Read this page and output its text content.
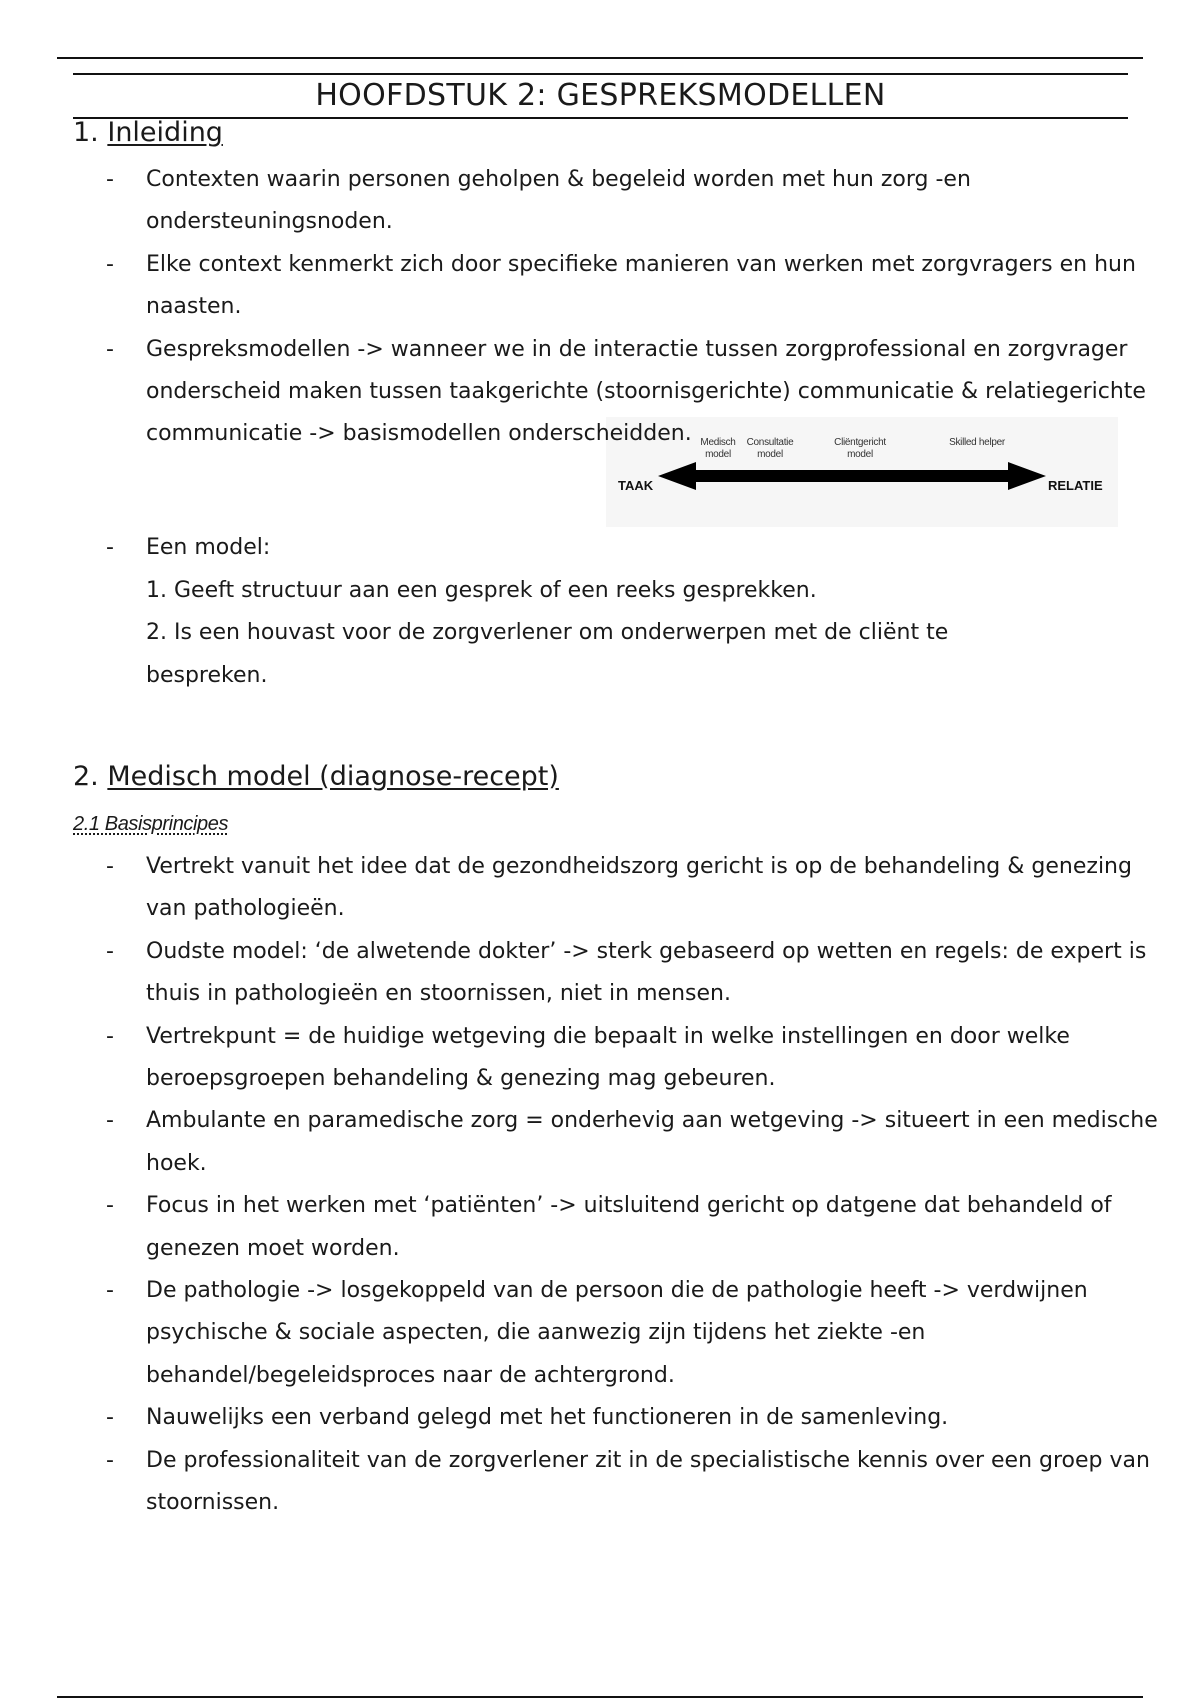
HOOFDSTUK 2: GESPREKSMODELLEN
1. Inleiding
- Contexten waarin personen geholpen & begeleid worden met hun zorg -en ondersteuningsnoden.
- Elke context kenmerkt zich door specifieke manieren van werken met zorgvragers en hun naasten.
-
Medisch model
Consultatie model
Cliëntgericht model
Skilled helper
TAAK	RELATIE
Gespreksmodellen -> wanneer we in de interactie tussen zorgprofessional en zorgvrager onderscheid maken tussen taakgerichte (stoornisgerichte) communicatie & relatiegerichte communicatie -> basismodellen onderscheidden.
- Een model:
1. Geeft structuur aan een gesprek of een reeks gesprekken.
2. Is een houvast voor de zorgverlener om onderwerpen met de cliënt te bespreken.
2. Medisch model (diagnose-recept)
2.1 Basisprincipes
- Vertrekt vanuit het idee dat de gezondheidszorg gericht is op de behandeling & genezing van pathologieën.
- Oudste model: ‘de alwetende dokter’ -> sterk gebaseerd op wetten en regels: de expert is thuis in pathologieën en stoornissen, niet in mensen.
- Vertrekpunt = de huidige wetgeving die bepaalt in welke instellingen en door welke beroepsgroepen behandeling & genezing mag gebeuren.
- Ambulante en paramedische zorg = onderhevig aan wetgeving -> situeert in een medische hoek.
- Focus in het werken met ‘patiënten’ -> uitsluitend gericht op datgene dat behandeld of genezen moet worden.
- De pathologie -> losgekoppeld van de persoon die de pathologie heeft -> verdwijnen psychische & sociale aspecten, die aanwezig zijn tijdens het ziekte -en behandel/begeleidsproces naar de achtergrond.
- Nauwelijks een verband gelegd met het functioneren in de samenleving.
- De professionaliteit van de zorgverlener zit in de specialistische kennis over een groep van stoornissen.
